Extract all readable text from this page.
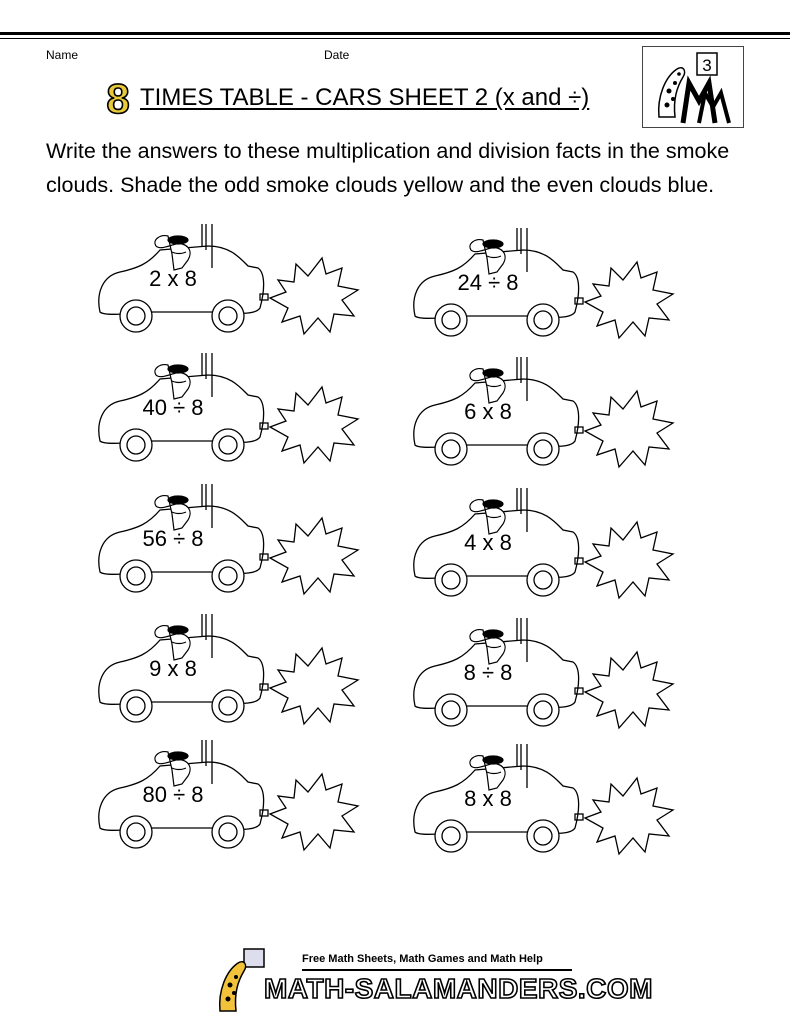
Name	Date
8 TIMES TABLE - CARS SHEET 2 (x and ÷)
3
Write the answers to these multiplication and division facts in the smoke clouds. Shade the odd smoke clouds yellow and the even clouds blue.
2 x 8	24 ÷ 8
40 ÷ 8	6 x 8
56 ÷ 8	4 x 8
9 x 8	8 ÷ 8
80 ÷ 8	8 x 8
Free Math Sheets, Math Games and Math Help
MATH-SALAMANDERS.COM
